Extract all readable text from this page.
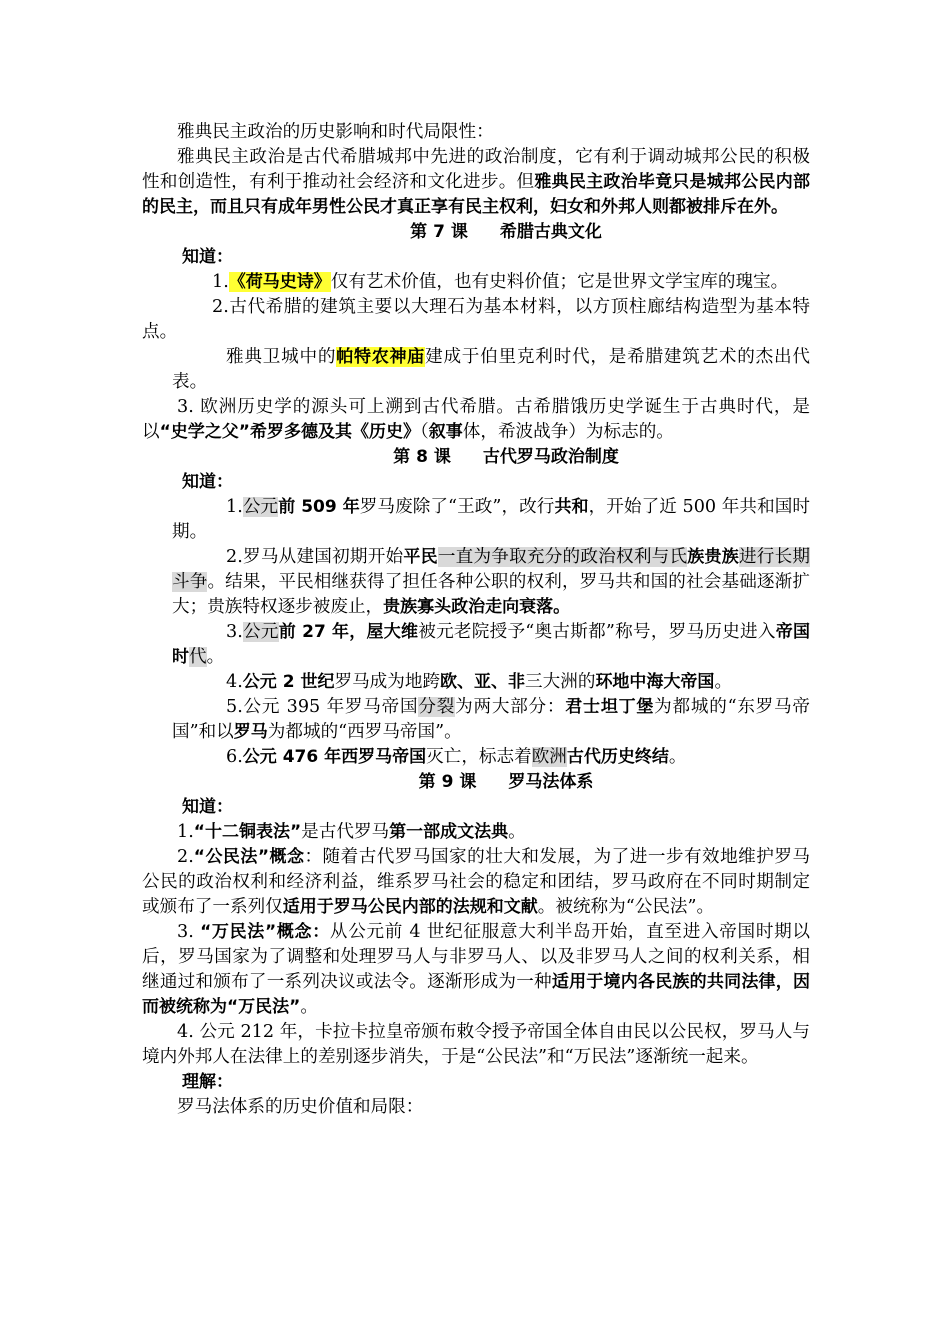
雅典民主政治的历史影响和时代局限性：

雅典民主政治是古代希腊城邦中先进的政治制度，它有利于调动城邦公民的积极性和创造性，有利于推动社会经济和文化进步。但雅典民主政治毕竟只是城邦公民内部的民主，而且只有成年男性公民才真正享有民主权利，妇女和外邦人则都被排斥在外。

第 7 课 希腊古典文化

知道：

1.《荷马史诗》仅有艺术价值，也有史料价值；它是世界文学宝库的瑰宝。

2.古代希腊的建筑主要以大理石为基本材料，以方顶柱廊结构造型为基本特点。

雅典卫城中的帕特农神庙建成于伯里克利时代，是希腊建筑艺术的杰出代表。

3. 欧洲历史学的源头可上溯到古代希腊。古希腊饿历史学诞生于古典时代，是以“史学之父”希罗多德及其《历史》（叙事体，希波战争）为标志的。

第 8 课 古代罗马政治制度

知道：

1.公元前 509 年罗马废除了“王政”，改行共和，开始了近 500 年共和国时期。

2.罗马从建国初期开始平民一直为争取充分的政治权利与氏族贵族进行长期斗争。结果，平民相继获得了担任各种公职的权利，罗马共和国的社会基础逐渐扩大；贵族特权逐步被废止，贵族寡头政治走向衰落。

3.公元前 27 年，屋大维被元老院授予“奥古斯都”称号，罗马历史进入帝国时代。

4.公元 2 世纪罗马成为地跨欧、亚、非三大洲的环地中海大帝国。

5.公元 395 年罗马帝国分裂为两大部分：君士坦丁堡为都城的“东罗马帝国”和以罗马为都城的“西罗马帝国”。

6.公元 476 年西罗马帝国灭亡，标志着欧洲古代历史终结。

第 9 课 罗马法体系

知道：

1.“十二铜表法”是古代罗马第一部成文法典。

2.“公民法”概念：随着古代罗马国家的壮大和发展，为了进一步有效地维护罗马公民的政治权利和经济利益，维系罗马社会的稳定和团结，罗马政府在不同时期制定或颁布了一系列仅适用于罗马公民内部的法规和文献。被统称为“公民法”。

3. “万民法”概念：从公元前 4 世纪征服意大利半岛开始，直至进入帝国时期以后，罗马国家为了调整和处理罗马人与非罗马人、以及非罗马人之间的权利关系，相继通过和颁布了一系列决议或法令。逐渐形成为一种适用于境内各民族的共同法律，因而被统称为“万民法”。

4. 公元 212 年，卡拉卡拉皇帝颁布敕令授予帝国全体自由民以公民权，罗马人与境内外邦人在法律上的差别逐步消失，于是“公民法”和“万民法”逐渐统一起来。

理解：

罗马法体系的历史价值和局限：
